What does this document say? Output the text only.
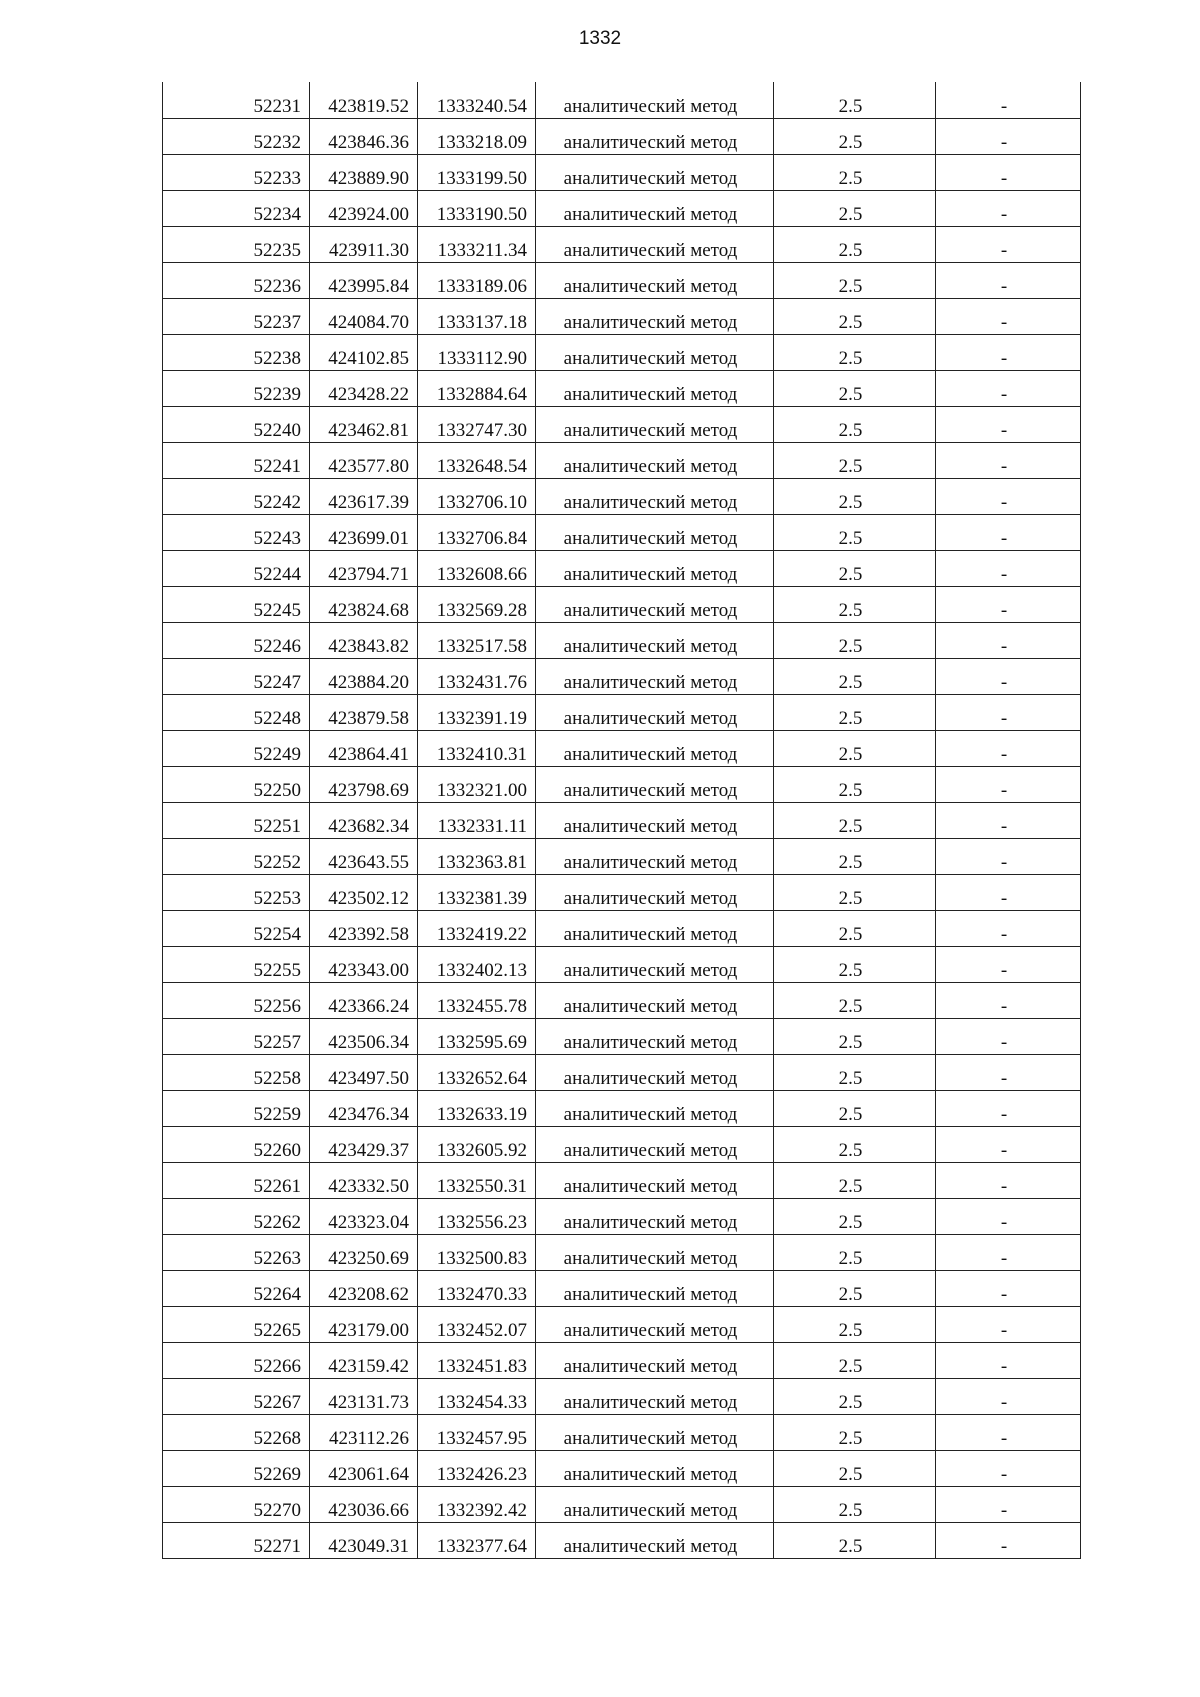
1332
52231	423819.52	1333240.54	аналитический метод	2.5	-
52232	423846.36	1333218.09	аналитический метод	2.5	-
52233	423889.90	1333199.50	аналитический метод	2.5	-
52234	423924.00	1333190.50	аналитический метод	2.5	-
52235	423911.30	1333211.34	аналитический метод	2.5	-
52236	423995.84	1333189.06	аналитический метод	2.5	-
52237	424084.70	1333137.18	аналитический метод	2.5	-
52238	424102.85	1333112.90	аналитический метод	2.5	-
52239	423428.22	1332884.64	аналитический метод	2.5	-
52240	423462.81	1332747.30	аналитический метод	2.5	-
52241	423577.80	1332648.54	аналитический метод	2.5	-
52242	423617.39	1332706.10	аналитический метод	2.5	-
52243	423699.01	1332706.84	аналитический метод	2.5	-
52244	423794.71	1332608.66	аналитический метод	2.5	-
52245	423824.68	1332569.28	аналитический метод	2.5	-
52246	423843.82	1332517.58	аналитический метод	2.5	-
52247	423884.20	1332431.76	аналитический метод	2.5	-
52248	423879.58	1332391.19	аналитический метод	2.5	-
52249	423864.41	1332410.31	аналитический метод	2.5	-
52250	423798.69	1332321.00	аналитический метод	2.5	-
52251	423682.34	1332331.11	аналитический метод	2.5	-
52252	423643.55	1332363.81	аналитический метод	2.5	-
52253	423502.12	1332381.39	аналитический метод	2.5	-
52254	423392.58	1332419.22	аналитический метод	2.5	-
52255	423343.00	1332402.13	аналитический метод	2.5	-
52256	423366.24	1332455.78	аналитический метод	2.5	-
52257	423506.34	1332595.69	аналитический метод	2.5	-
52258	423497.50	1332652.64	аналитический метод	2.5	-
52259	423476.34	1332633.19	аналитический метод	2.5	-
52260	423429.37	1332605.92	аналитический метод	2.5	-
52261	423332.50	1332550.31	аналитический метод	2.5	-
52262	423323.04	1332556.23	аналитический метод	2.5	-
52263	423250.69	1332500.83	аналитический метод	2.5	-
52264	423208.62	1332470.33	аналитический метод	2.5	-
52265	423179.00	1332452.07	аналитический метод	2.5	-
52266	423159.42	1332451.83	аналитический метод	2.5	-
52267	423131.73	1332454.33	аналитический метод	2.5	-
52268	423112.26	1332457.95	аналитический метод	2.5	-
52269	423061.64	1332426.23	аналитический метод	2.5	-
52270	423036.66	1332392.42	аналитический метод	2.5	-
52271	423049.31	1332377.64	аналитический метод	2.5	-
